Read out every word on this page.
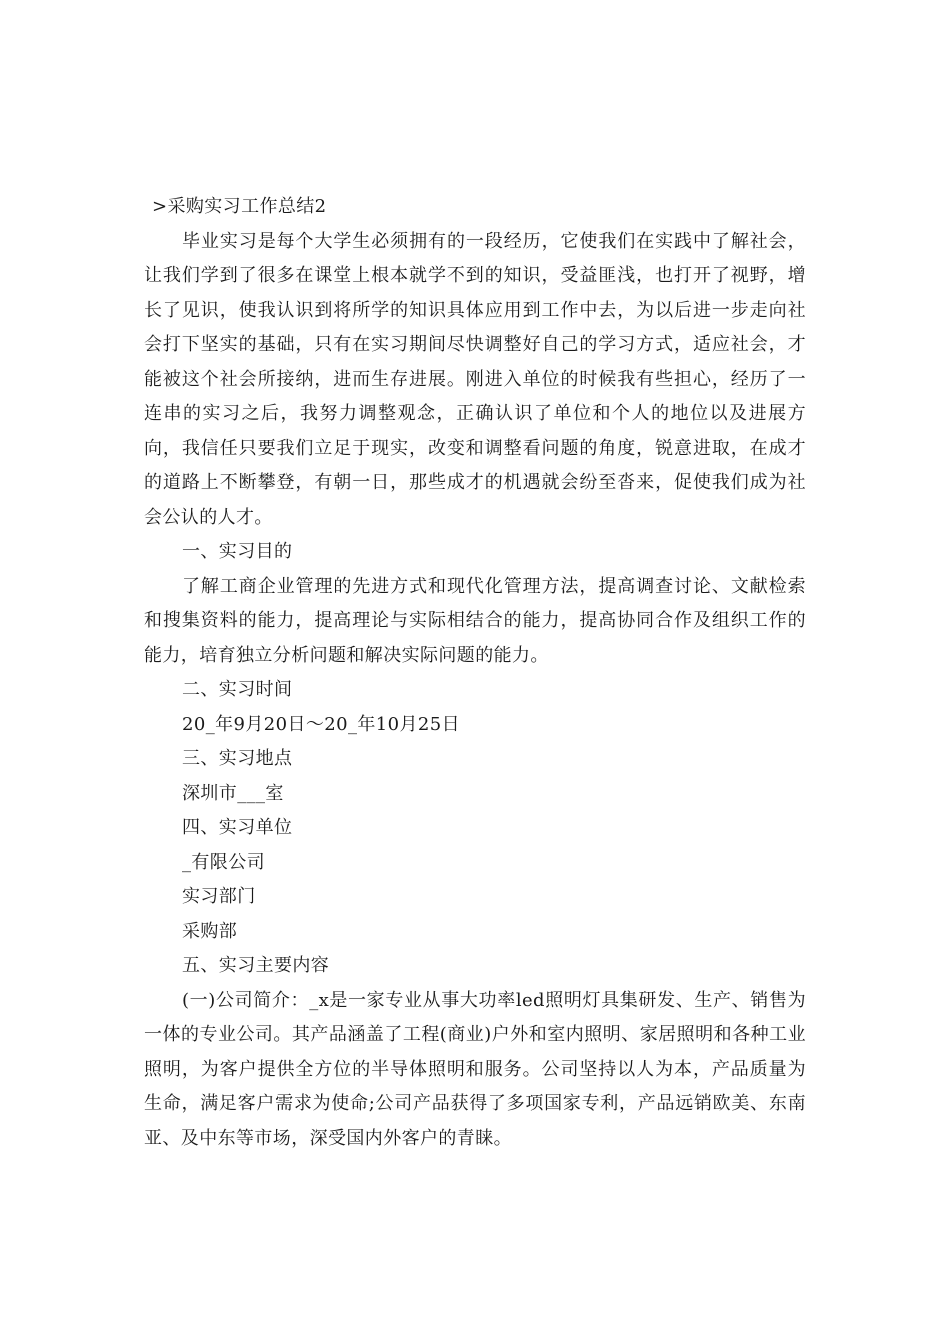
>采购实习工作总结2

毕业实习是每个大学生必须拥有的一段经历，它使我们在实践中了解社会，让我们学到了很多在课堂上根本就学不到的知识，受益匪浅，也打开了视野，增长了见识，使我认识到将所学的知识具体应用到工作中去，为以后进一步走向社会打下坚实的基础，只有在实习期间尽快调整好自己的学习方式，适应社会，才能被这个社会所接纳，进而生存进展。刚进入单位的时候我有些担心，经历了一连串的实习之后，我努力调整观念，正确认识了单位和个人的地位以及进展方向，我信任只要我们立足于现实，改变和调整看问题的角度，锐意进取，在成才的道路上不断攀登，有朝一日，那些成才的机遇就会纷至沓来，促使我们成为社会公认的人才。

一、实习目的

了解工商企业管理的先进方式和现代化管理方法，提高调查讨论、文献检索和搜集资料的能力，提高理论与实际相结合的能力，提高协同合作及组织工作的能力，培育独立分析问题和解决实际问题的能力。

二、实习时间

20_年9月20日～20_年10月25日

三、实习地点

深圳市___室

四、实习单位

_有限公司

实习部门

采购部

五、实习主要内容

(一)公司简介：_x是一家专业从事大功率led照明灯具集研发、生产、销售为一体的专业公司。其产品涵盖了工程(商业)户外和室内照明、家居照明和各种工业照明，为客户提供全方位的半导体照明和服务。公司坚持以人为本，产品质量为生命，满足客户需求为使命;公司产品获得了多项国家专利，产品远销欧美、东南亚、及中东等市场，深受国内外客户的青睐。
